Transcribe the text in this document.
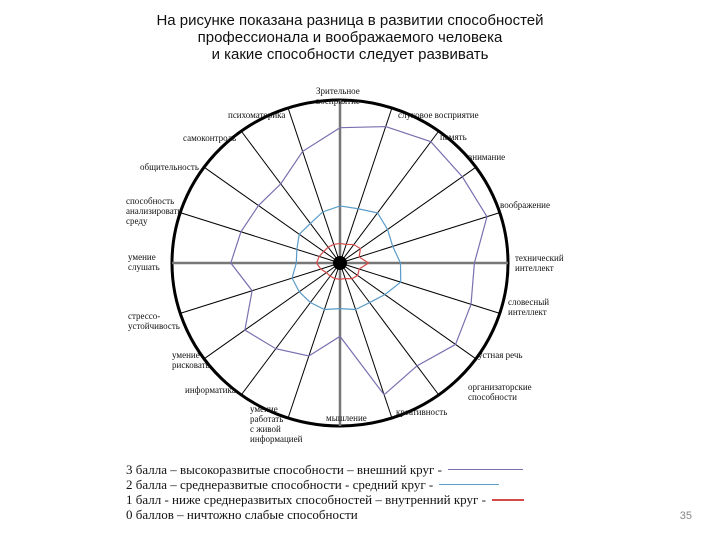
На рисунке показана разница в развитии способностей
профессионала и воображаемого человека
и какие способности следует развивать
Зрительное
восприятие
слуховое восприятие
память
внимание
воображение
технический
интеллект
словесный
интеллект
устная речь
организаторские
способности
креативность
мышление
умение
работать
с живой
информацией
информатика
умение
рисковать
стрессо-
устойчивость
умение
слушать
способность
анализировать
среду
общительность
самоконтроль
психоматорика
3 балла – высокоразвитые способности – внешний круг -
2 балла – среднеразвитые способности - средний круг -
1 балл - ниже среднеразвитых способностей – внутренний круг -
0 баллов – ничтожно слабые способности	35
